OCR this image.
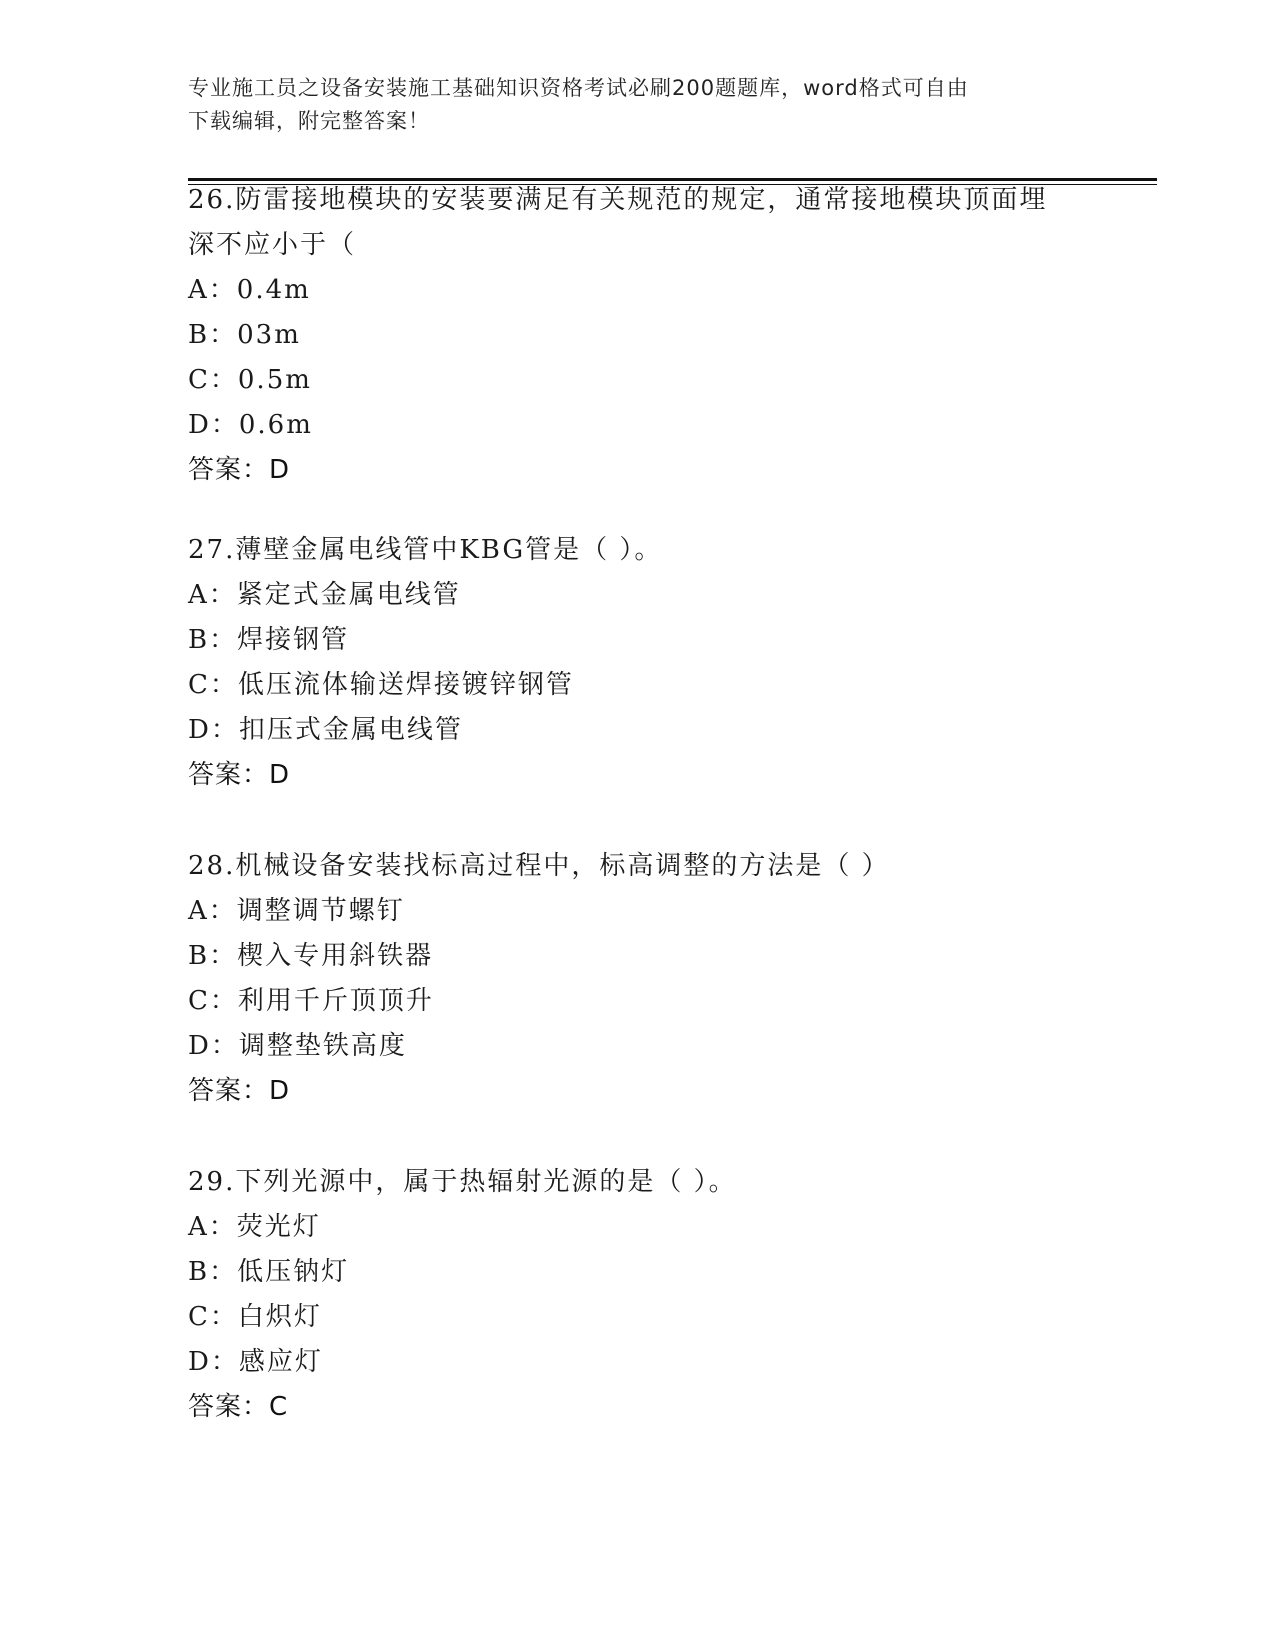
专业施工员之设备安装施工基础知识资格考试必刷200题题库，word格式可自由
下载编辑，附完整答案！

26.防雷接地模块的安装要满足有关规范的规定，通常接地模块顶面埋

深不应小于（

A：0.4m

B：03m

C：0.5m

D：0.6m

答案：D

27.薄壁金属电线管中KBG管是（ ）。

A：紧定式金属电线管

B：焊接钢管

C：低压流体输送焊接镀锌钢管

D：扣压式金属电线管

答案：D

28.机械设备安装找标高过程中，标高调整的方法是（ ）

A：调整调节螺钉

B：楔入专用斜铁器

C：利用千斤顶顶升

D：调整垫铁高度

答案：D

29.下列光源中，属于热辐射光源的是（ ）。

A：荧光灯

B：低压钠灯

C：白炽灯

D：感应灯

答案：C
